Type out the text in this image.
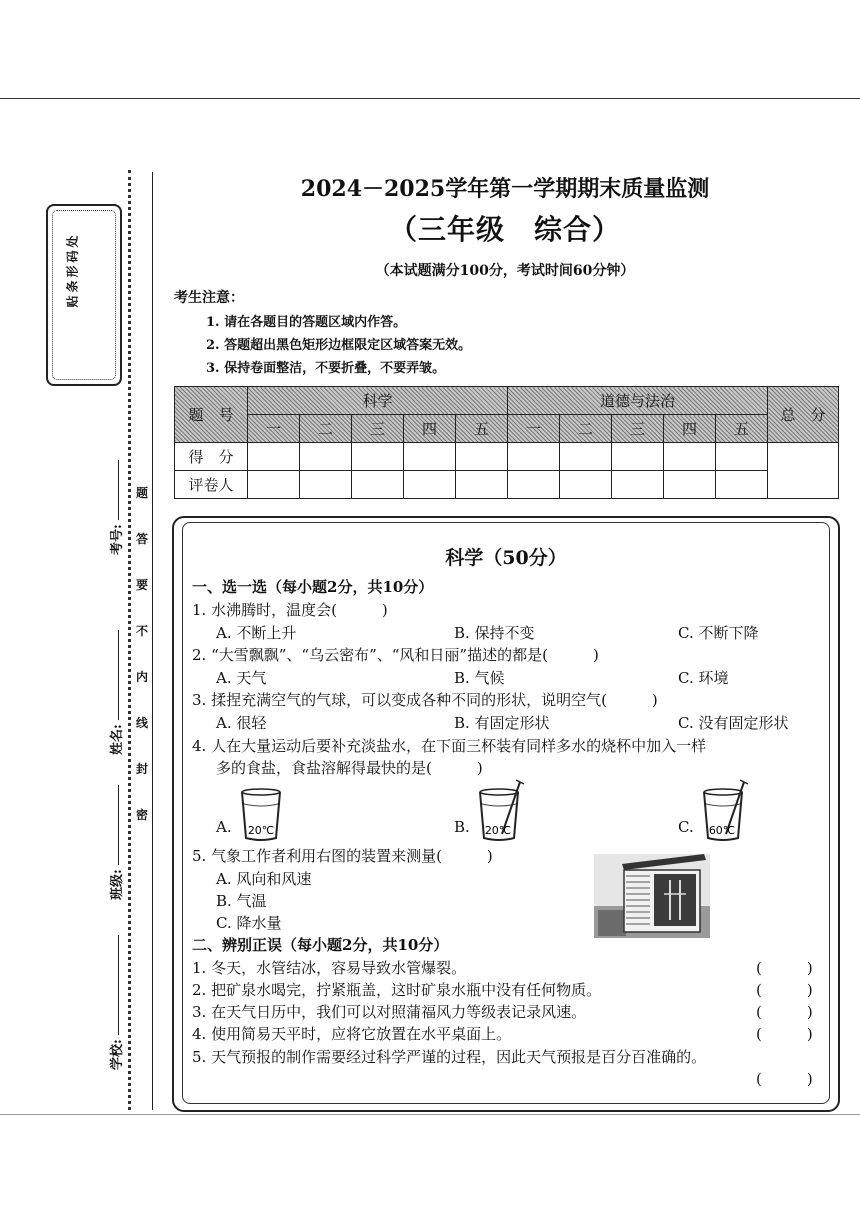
贴条形码处
考号:
姓名:
班级:
学校:
题
答
要
不
内
线
封
密
2024－2025学年第一学期期末质量监测
（三年级　综合）
（本试题满分100分，考试时间60分钟）
考生注意：
1. 请在各题目的答题区域内作答。
2. 答题超出黑色矩形边框限定区域答案无效。
3. 保持卷面整洁，不要折叠，不要弄皱。
题　号	科学					道德与法治					总　分
	一	二	三	四	五	一	二	三	四	五	
得　分											
评卷人											
科学（50分）
一、选一选（每小题2分，共10分）
1. 水沸腾时，温度会(　　　)
A. 不断上升	B. 保持不变	C. 不断下降
2. “大雪飘飘”、“乌云密布”、“风和日丽”描述的都是(　　　)
A. 天气	B. 气候	C. 环境
3. 揉捏充满空气的气球，可以变成各种不同的形状，说明空气(　　　)
A. 很轻	B. 有固定形状	C. 没有固定形状
4. 人在大量运动后要补充淡盐水，在下面三杯装有同样多水的烧杯中加入一样
多的食盐，食盐溶解得最快的是(　　　)
A. 20℃	B. 20℃	C. 60℃
5. 气象工作者利用右图的装置来测量(　　　)
A. 风向和风速
B. 气温
C. 降水量
二、辨别正误（每小题2分，共10分）
1. 冬天，水管结冰，容易导致水管爆裂。	(　　　)
2. 把矿泉水喝完，拧紧瓶盖，这时矿泉水瓶中没有任何物质。	(　　　)
3. 在天气日历中，我们可以对照蒲福风力等级表记录风速。	(　　　)
4. 使用简易天平时，应将它放置在水平桌面上。	(　　　)
5. 天气预报的制作需要经过科学严谨的过程，因此天气预报是百分百准确的。
(　　　)
